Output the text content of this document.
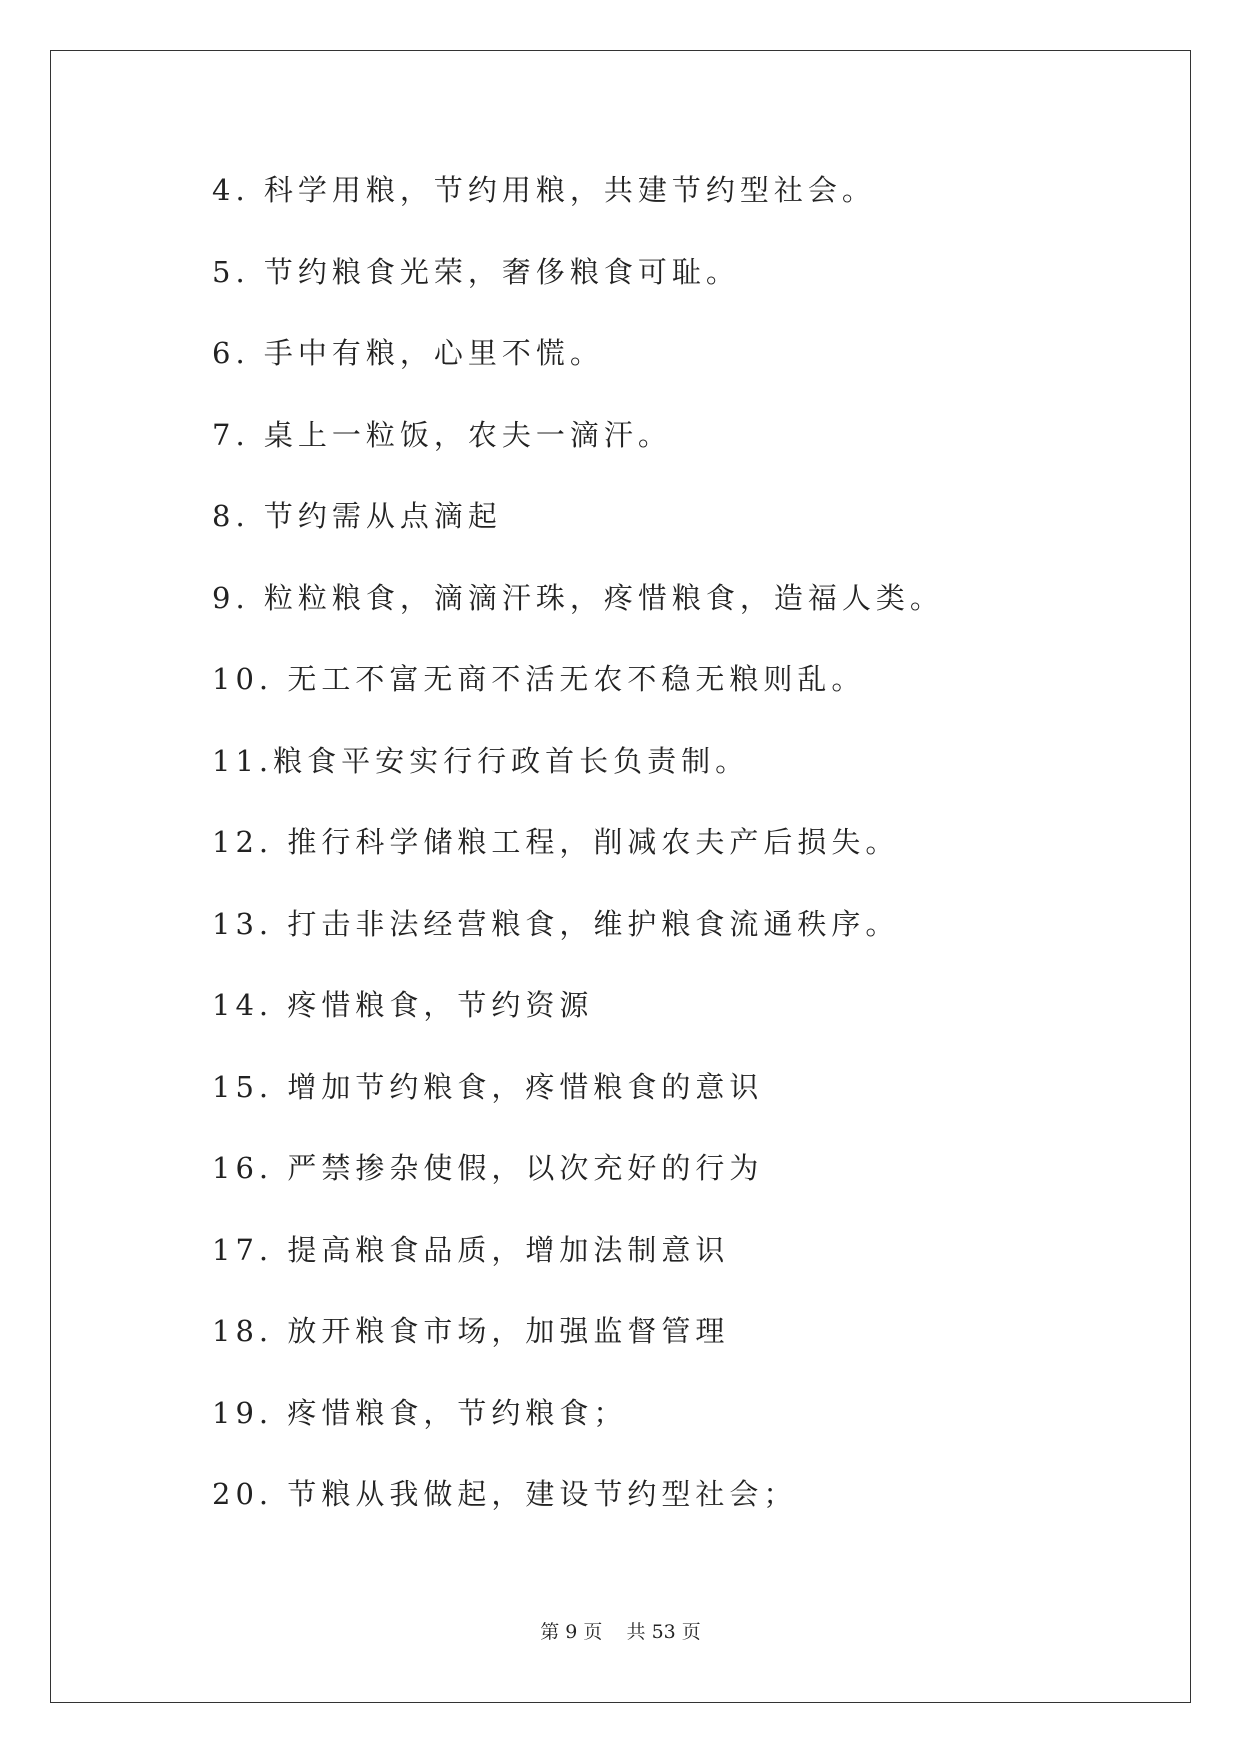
4. 科学用粮，节约用粮，共建节约型社会。
5. 节约粮食光荣，奢侈粮食可耻。
6. 手中有粮，心里不慌。
7. 桌上一粒饭，农夫一滴汗。
8. 节约需从点滴起
9. 粒粒粮食，滴滴汗珠，疼惜粮食，造福人类。
10. 无工不富无商不活无农不稳无粮则乱。
11.粮食平安实行行政首长负责制。
12. 推行科学储粮工程，削减农夫产后损失。
13. 打击非法经营粮食，维护粮食流通秩序。
14. 疼惜粮食，节约资源
15. 增加节约粮食，疼惜粮食的意识
16. 严禁掺杂使假，以次充好的行为
17. 提高粮食品质，增加法制意识
18. 放开粮食市场，加强监督管理
19. 疼惜粮食，节约粮食；
20. 节粮从我做起，建设节约型社会；
第 9 页 共 53 页
